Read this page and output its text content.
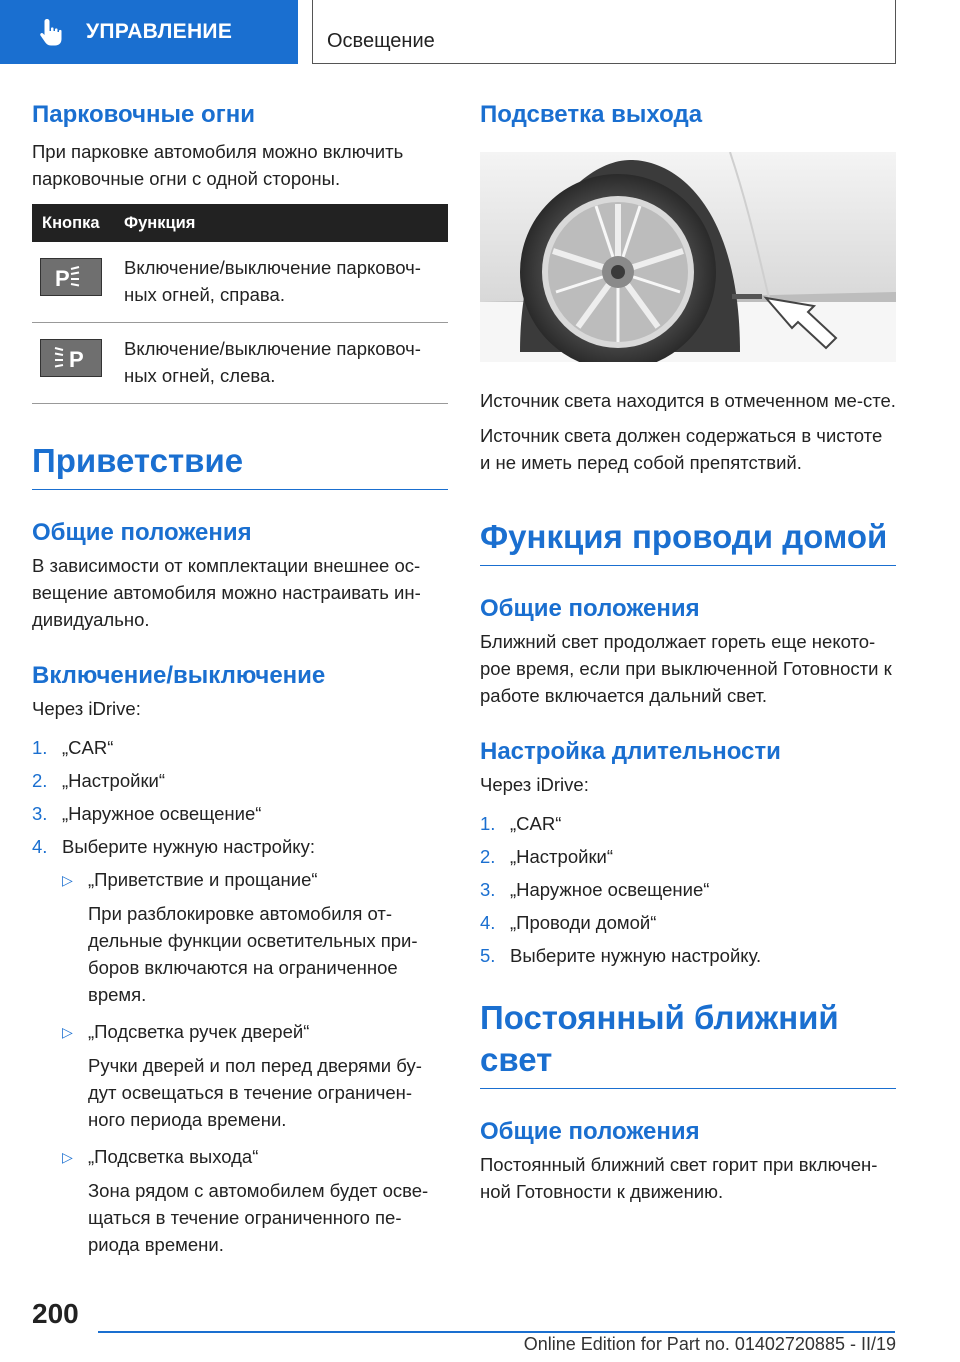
УПРАВЛЕНИЕ	Освещение
Парковочные огни
При парковке автомобиля можно включить парковочные огни с одной стороны.
Кнопка	Функция
P	Включение/выключение парковоч-ных огней, справа.
P Включение/выключение парковоч-ных огней, слева.
Приветствие
Общие положения
В зависимости от комплектации внешнее ос-вещение автомобиля можно настраивать ин-дивидуально.
Включение/выключение
Через iDrive:
1. „CAR“
2. „Настройки“
3. „Наружное освещение“
4. Выберите нужную настройку:
▷ „Приветствие и прощание“
При разблокировке автомобиля от-дельные функции осветительных при-боров включаются на ограниченное время.
▷ „Подсветка ручек дверей“
Ручки дверей и пол перед дверями бу-дут освещаться в течение ограничен-ного периода времени.
▷ „Подсветка выхода“
Зона рядом с автомобилем будет осве-щаться в течение ограниченного пе-риода времени.
Подсветка выхода
Источник света находится в отмеченном ме-сте.
Источник света должен содержаться в чистоте и не иметь перед собой препятствий.
Функция проводи домой
Общие положения
Ближний свет продолжает гореть еще некото-рое время, если при выключенной Готовности к работе включается дальний свет.
Настройка длительности
Через iDrive:
1. „CAR“
2. „Настройки“
3. „Наружное освещение“
4. „Проводи домой“
5. Выберите нужную настройку.
Постоянный ближний
свет
Общие положения
Постоянный ближний свет горит при включен-ной Готовности к движению.
200
Online Edition for Part no. 01402720885 - II/19
